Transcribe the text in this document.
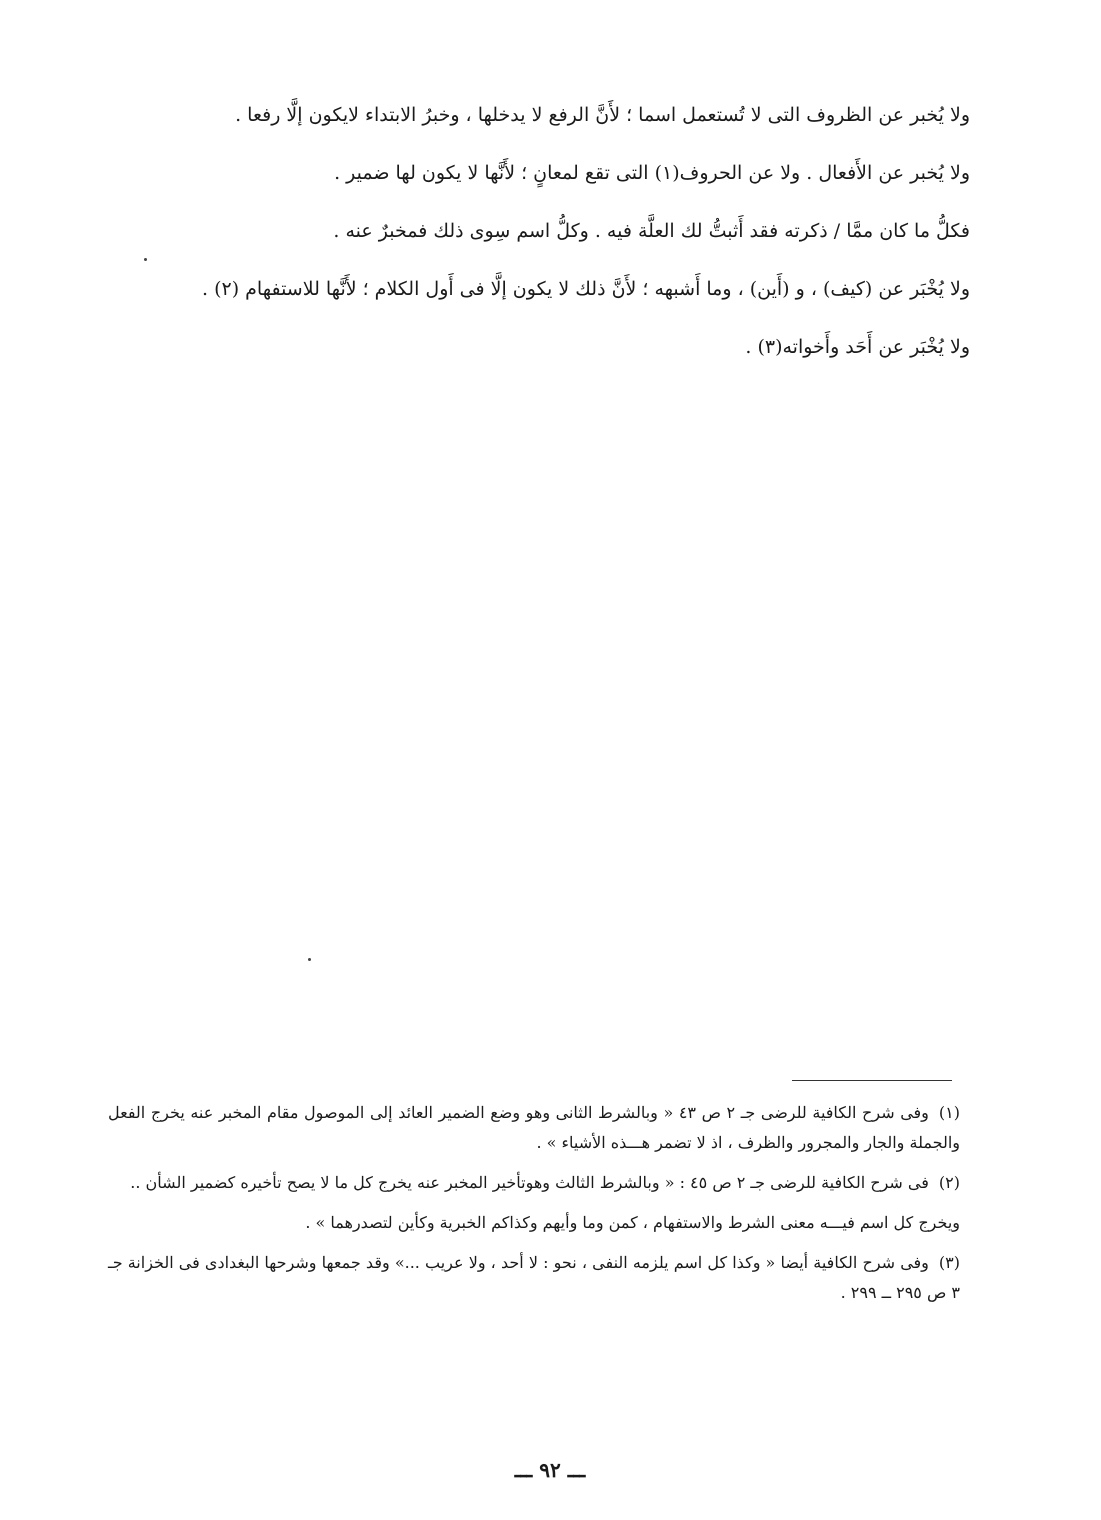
ولا يُخبر عن الظروف التى لا تُستعمل اسما ؛ لأَنَّ الرفع لا يدخلها ، وخبرُ الابتداء لايكون إلَّا رفعا .

ولا يُخبر عن الأَفعال . ولا عن الحروف(١) التى تقع لمعانٍ ؛ لأَنَّها لا يكون لها ضمير .

فكلُّ ما كان ممَّا / ذكرته فقد أَثبتُّ لك العلَّة فيه . وكلُّ اسم سِوى ذلك فمخبرٌ عنه .

ولا يُخْبَر عن (كيف) ، و (أَين) ، وما أَشبهه ؛ لأَنَّ ذلك لا يكون إلَّا فى أَول الكلام ؛ لأَنَّها للاستفهام (٢) .

ولا يُخْبَر عن أَحَد وأَخواته(٣) .

(١)وفى شرح الكافية للرضى جـ ٢ ص ٤٣ « وبالشرط الثانى وهو وضع الضمير العائد إلى الموصول مقام المخبر عنه يخرج الفعل والجملة والجار والمجرور والظرف ، اذ لا تضمر هـــذه الأشياء » .

(٢)فى شرح الكافية للرضى جـ ٢ ص ٤٥ : « وبالشرط الثالث وهوتأخير المخبر عنه يخرج كل ما لا يصح تأخيره كضمير الشأن ..

ويخرج كل اسم فيـــه معنى الشرط والاستفهام ، كمن وما وأيهم وكذاكم الخبرية وكأين لتصدرهما » .

(٣)وفى شرح الكافية أيضا « وكذا كل اسم يلزمه النفى ، نحو : لا أحد ، ولا عريب ...» وقد جمعها وشرحها البغدادى فى الخزانة جـ ٣ ص ٢٩٥ ــ ٢٩٩ .

ـــ ٩٢ ـــ
